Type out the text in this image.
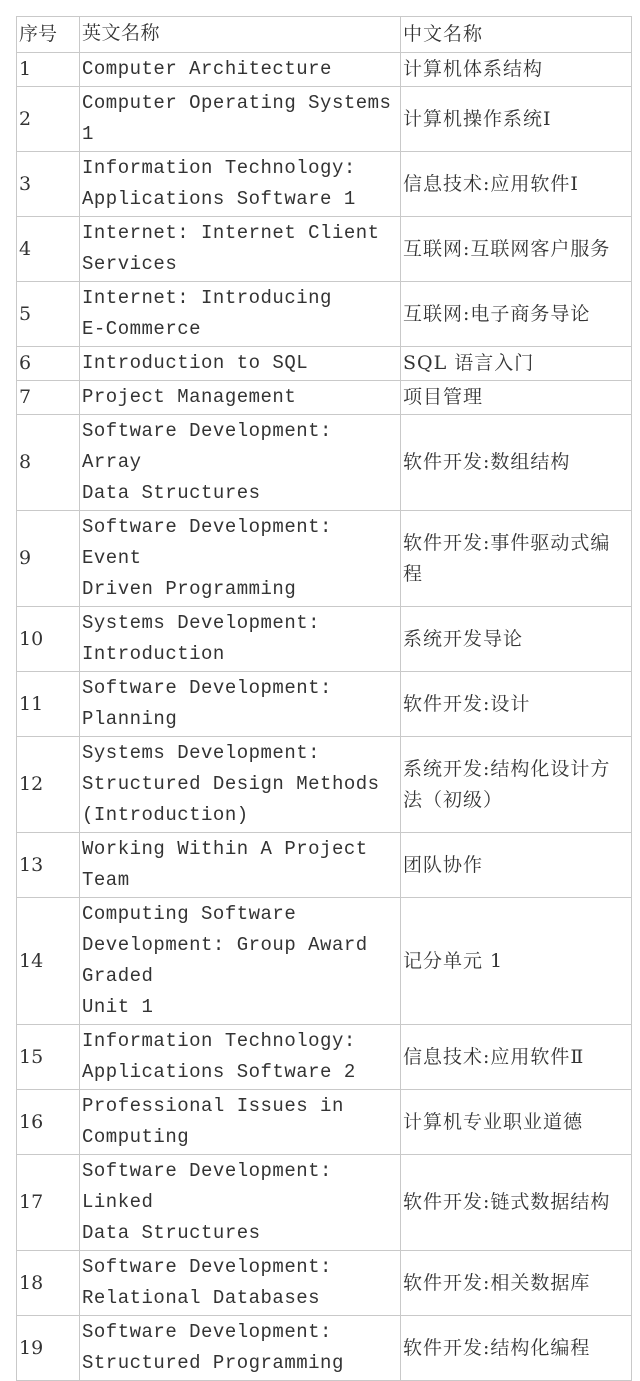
序号	英文名称	中文名称
1	Computer Architecture	计算机体系结构
2	Computer Operating Systems 1	计算机操作系统Ⅰ
3	Information Technology:
Applications Software 1	信息技术:应用软件Ⅰ
4	Internet: Internet Client
Services	互联网:互联网客户服务
5	Internet: Introducing
E-Commerce	互联网:电子商务导论
6	Introduction to SQL	SQL 语言入门
7	Project Management	项目管理
8	Software Development: Array
Data Structures	软件开发:数组结构
9	Software Development: Event
Driven Programming	软件开发:事件驱动式编
程
10	Systems Development:
Introduction	系统开发导论
11	Software Development: Planning	软件开发:设计
12	Systems Development:
Structured Design Methods
(Introduction)	系统开发:结构化设计方
法（初级）
13	Working Within A Project Team	团队协作
14	Computing Software
Development: Group Award Graded
Unit 1	记分单元 1
15	Information Technology:
Applications Software 2	信息技术:应用软件Ⅱ
16	Professional Issues in
Computing	计算机专业职业道德
17	Software Development: Linked
Data Structures	软件开发:链式数据结构
18	Software Development:
Relational Databases	软件开发:相关数据库
19	Software Development:
Structured Programming	软件开发:结构化编程
